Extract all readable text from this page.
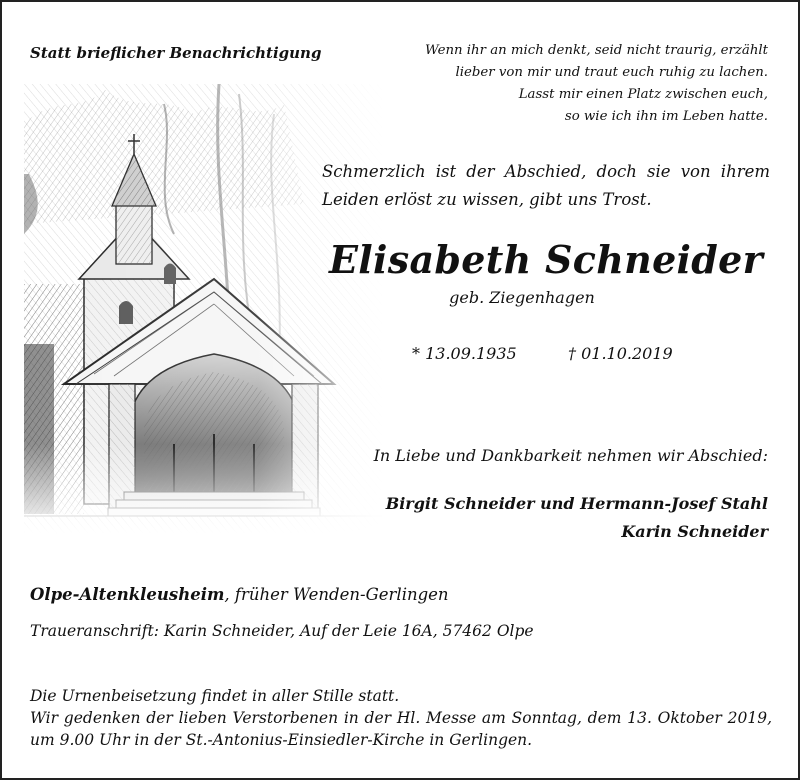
Statt brieflicher Benachrichtigung	Wenn ihr an mich denkt, seid nicht traurig, erzählt
lieber von mir und traut euch ruhig zu lachen.
Lasst mir einen Platz zwischen euch,
so wie ich ihn im Leben hatte.
Schmerzlich ist der Abschied, doch sie von ihrem
Leiden erlöst zu wissen, gibt uns Trost.
Elisabeth Schneider
geb. Ziegenhagen
* 13.09.1935	† 01.10.2019
In Liebe und Dankbarkeit nehmen wir Abschied:
Birgit Schneider und Hermann-Josef Stahl
Karin Schneider
Olpe-Altenkleusheim, früher Wenden-Gerlingen
Traueranschrift: Karin Schneider, Auf der Leie 16A, 57462 Olpe
Die Urnenbeisetzung findet in aller Stille statt.
Wir gedenken der lieben Verstorbenen in der Hl. Messe am Sonntag, dem 13. Oktober 2019,
um 9.00 Uhr in der St.-Antonius-Einsiedler-Kirche in Gerlingen.
